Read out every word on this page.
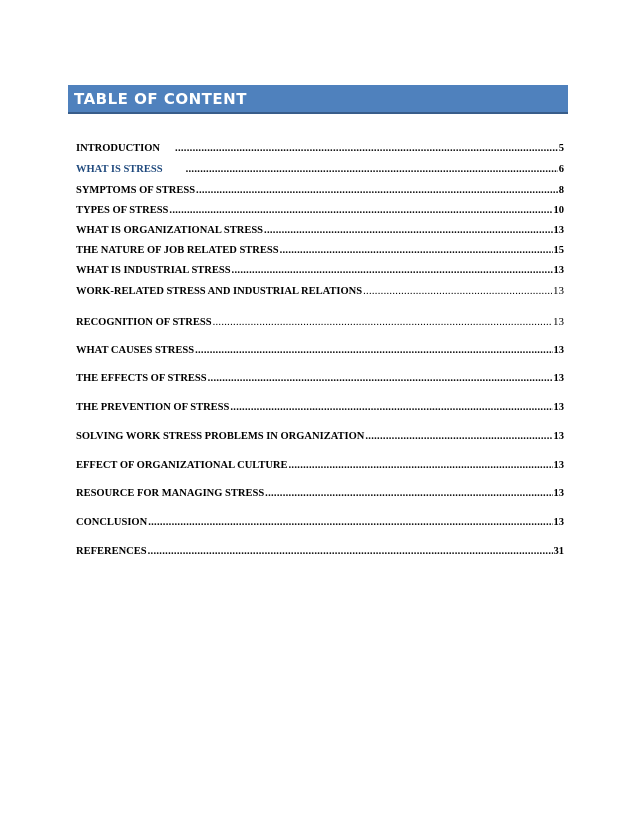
TABLE OF CONTENT
INTRODUCTION .....	5
WHAT IS STRESS .....	6
SYMPTOMS OF STRESS .....	8
TYPES OF STRESS .....	10
WHAT IS ORGANIZATIONAL STRESS .....	13
THE NATURE OF JOB RELATED STRESS .....	15
WHAT IS INDUSTRIAL STRESS .....	13
WORK-RELATED STRESS AND INDUSTRIAL RELATIONS .....	13
RECOGNITION OF STRESS .....	13
WHAT CAUSES STRESS .....	13
THE EFFECTS OF STRESS .....	13
THE PREVENTION OF STRESS .....	13
SOLVING WORK STRESS PROBLEMS IN ORGANIZATION .....	13
EFFECT OF ORGANIZATIONAL CULTURE .....	13
RESOURCE FOR MANAGING STRESS .....	13
CONCLUSION .....	13
REFERENCES .....	31
